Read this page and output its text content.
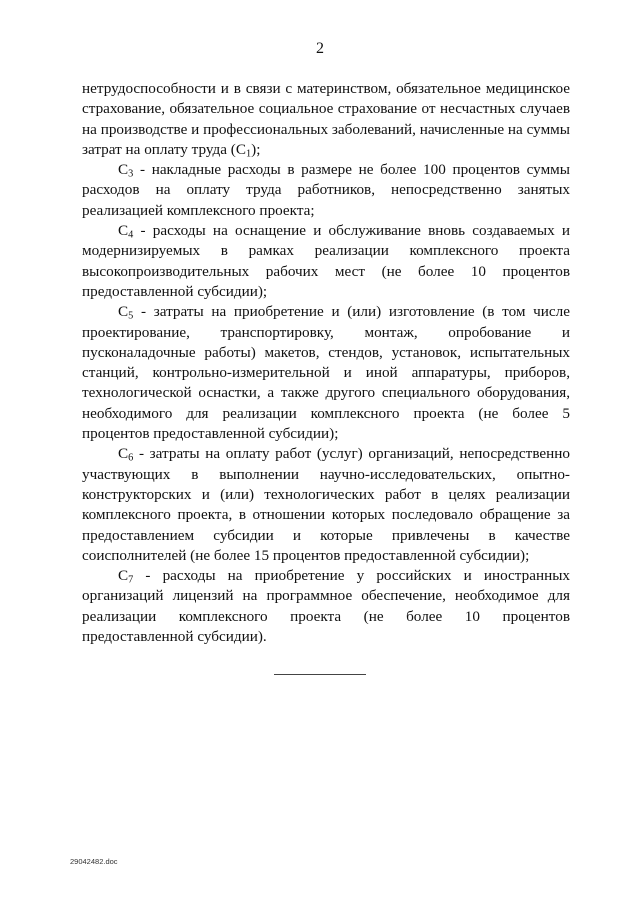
2

нетрудоспособности и в связи с материнством, обязательное медицинское страхование, обязательное социальное страхование от несчастных случаев на производстве и профессиональных заболеваний, начисленные на суммы затрат на оплату труда $(С_1)$;

$С_3$ - накладные расходы в размере не более 100 процентов суммы расходов на оплату труда работников, непосредственно занятых реализацией комплексного проекта;

$С_4$ - расходы на оснащение и обслуживание вновь создаваемых и модернизируемых в рамках реализации комплексного проекта высокопроизводительных рабочих мест (не более 10 процентов предоставленной субсидии);

$С_5$ - затраты на приобретение и (или) изготовление (в том числе проектирование, транспортировку, монтаж, опробование и пусконаладочные работы) макетов, стендов, установок, испытательных станций, контрольно-измерительной и иной аппаратуры, приборов, технологической оснастки, а также другого специального оборудования, необходимого для реализации комплексного проекта (не более 5 процентов предоставленной субсидии);

$С_6$ - затраты на оплату работ (услуг) организаций, непосредственно участвующих в выполнении научно-исследовательских, опытно-конструкторских и (или) технологических работ в целях реализации комплексного проекта, в отношении которых последовало обращение за предоставлением субсидии и которые привлечены в качестве соисполнителей (не более 15 процентов предоставленной субсидии);

$С_7$ - расходы на приобретение у российских и иностранных организаций лицензий на программное обеспечение, необходимое для реализации комплексного проекта (не более 10 процентов предоставленной субсидии).

29042482.doc
